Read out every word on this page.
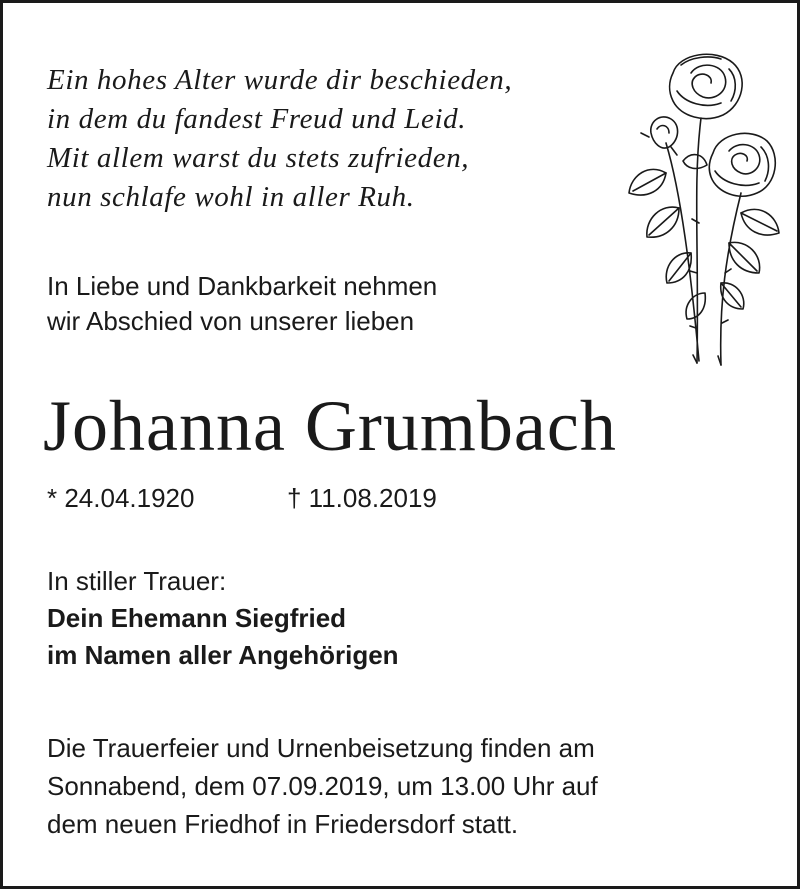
Ein hohes Alter wurde dir beschieden,
in dem du fandest Freud und Leid.
Mit allem warst du stets zufrieden,
nun schlafe wohl in aller Ruh.
In Liebe und Dankbarkeit nehmen
wir Abschied von unserer lieben
Johanna Grumbach
* 24.04.1920	† 11.08.2019
In stiller Trauer:
Dein Ehemann Siegfried
im Namen aller Angehörigen
Die Trauerfeier und Urnenbeisetzung finden am
Sonnabend, dem 07.09.2019, um 13.00 Uhr auf
dem neuen Friedhof in Friedersdorf statt.
